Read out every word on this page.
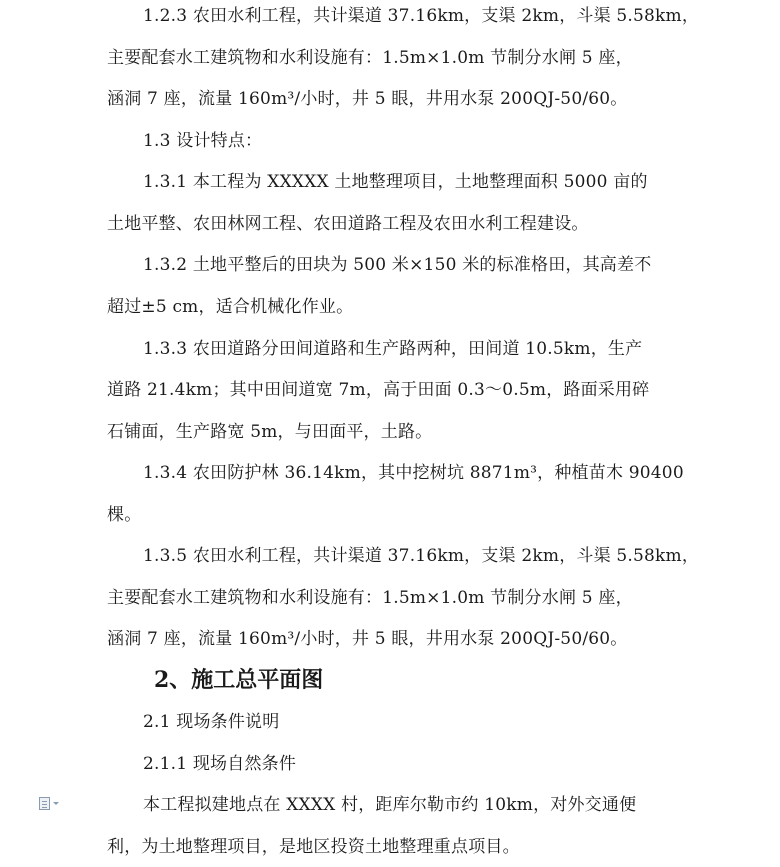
1.2.3 农田水利工程，共计渠道 37.16km，支渠 2km，斗渠 5.58km，
主要配套水工建筑物和水利设施有：1.5m×1.0m 节制分水闸 5 座，
涵洞 7 座，流量 160m³/小时，井 5 眼，井用水泵 200QJ-50/60。
1.3 设计特点：
1.3.1 本工程为 XXXXX 土地整理项目，土地整理面积 5000 亩的
土地平整、农田林网工程、农田道路工程及农田水利工程建设。
1.3.2 土地平整后的田块为 500 米×150 米的标准格田，其高差不
超过±5 cm，适合机械化作业。
1.3.3 农田道路分田间道路和生产路两种，田间道 10.5km，生产
道路 21.4km；其中田间道宽 7m，高于田面 0.3～0.5m，路面采用碎
石铺面，生产路宽 5m，与田面平，土路。
1.3.4 农田防护林 36.14km，其中挖树坑 8871m³，种植苗木 90400
棵。
1.3.5 农田水利工程，共计渠道 37.16km，支渠 2km，斗渠 5.58km，
主要配套水工建筑物和水利设施有：1.5m×1.0m 节制分水闸 5 座，
涵洞 7 座，流量 160m³/小时，井 5 眼，井用水泵 200QJ-50/60。
2、施工总平面图
2.1 现场条件说明
2.1.1 现场自然条件
本工程拟建地点在 XXXX 村，距库尔勒市约 10km，对外交通便
利，为土地整理项目，是地区投资土地整理重点项目。
